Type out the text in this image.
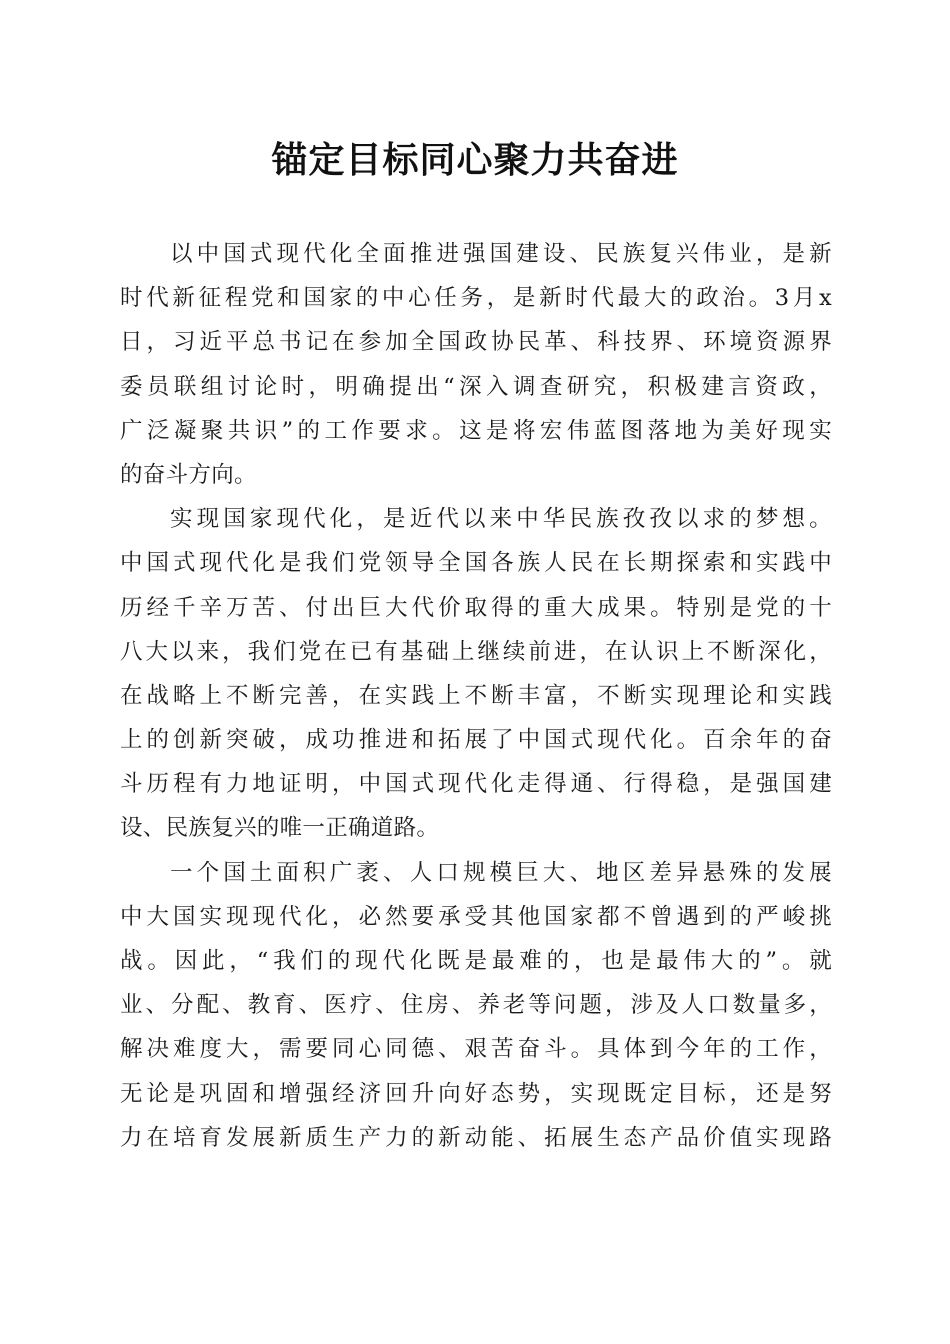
锚定目标同心聚力共奋进
以中国式现代化全面推进强国建设、民族复兴伟业，是新
时代新征程党和国家的中心任务，是新时代最大的政治。3月x
日，习近平总书记在参加全国政协民革、科技界、环境资源界
委员联组讨论时，明确提出“深入调查研究，积极建言资政，
广泛凝聚共识”的工作要求。这是将宏伟蓝图落地为美好现实
的奋斗方向。
实现国家现代化，是近代以来中华民族孜孜以求的梦想。
中国式现代化是我们党领导全国各族人民在长期探索和实践中
历经千辛万苦、付出巨大代价取得的重大成果。特别是党的十
八大以来，我们党在已有基础上继续前进，在认识上不断深化，
在战略上不断完善，在实践上不断丰富，不断实现理论和实践
上的创新突破，成功推进和拓展了中国式现代化。百余年的奋
斗历程有力地证明，中国式现代化走得通、行得稳，是强国建
设、民族复兴的唯一正确道路。
一个国土面积广袤、人口规模巨大、地区差异悬殊的发展
中大国实现现代化，必然要承受其他国家都不曾遇到的严峻挑
战。因此，“我们的现代化既是最难的，也是最伟大的”。就
业、分配、教育、医疗、住房、养老等问题，涉及人口数量多，
解决难度大，需要同心同德、艰苦奋斗。具体到今年的工作，
无论是巩固和增强经济回升向好态势，实现既定目标，还是努
力在培育发展新质生产力的新动能、拓展生态产品价值实现路
